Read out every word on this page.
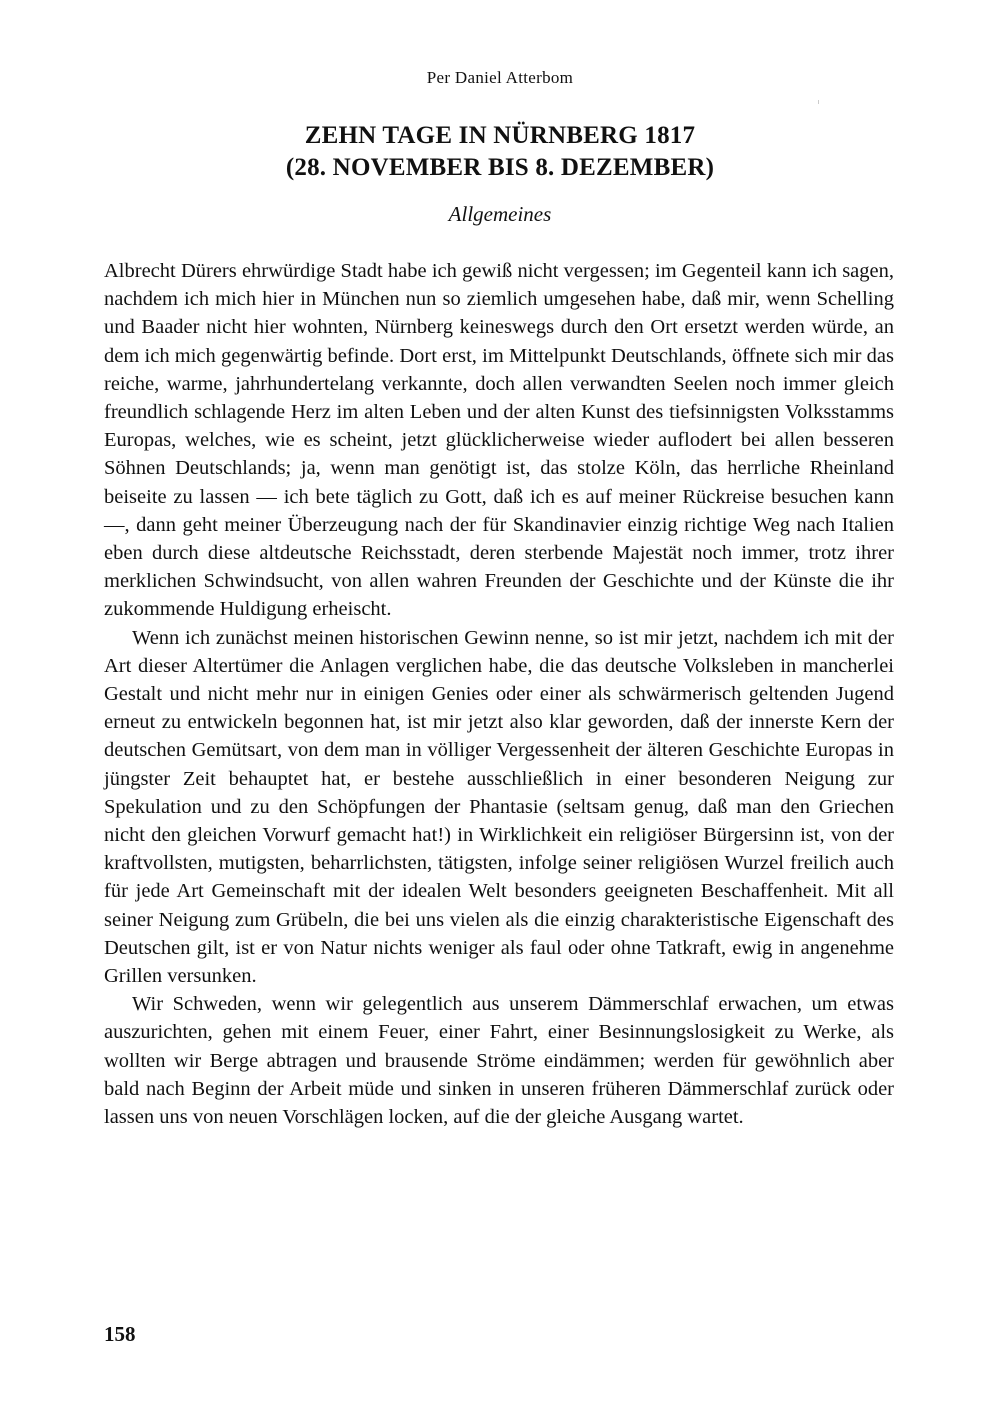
Per Daniel Atterbom
ZEHN TAGE IN NÜRNBERG 1817
(28. NOVEMBER BIS 8. DEZEMBER)
Allgemeines

Albrecht Dürers ehrwürdige Stadt habe ich gewiß nicht vergessen; im Gegenteil kann ich sagen, nachdem ich mich hier in München nun so ziemlich umgesehen habe, daß mir, wenn Schelling und Baader nicht hier wohnten, Nürnberg keineswegs durch den Ort ersetzt werden würde, an dem ich mich gegenwärtig befinde. Dort erst, im Mittelpunkt Deutschlands, öffnete sich mir das reiche, warme, jahrhundertelang verkannte, doch allen verwandten Seelen noch immer gleich freundlich schlagende Herz im alten Leben und der alten Kunst des tiefsinnigsten Volksstamms Europas, welches, wie es scheint, jetzt glücklicherweise wieder auflodert bei allen besseren Söhnen Deutschlands; ja, wenn man genötigt ist, das stolze Köln, das herrliche Rheinland beiseite zu lassen — ich bete täglich zu Gott, daß ich es auf meiner Rückreise besuchen kann —, dann geht meiner Überzeugung nach der für Skandinavier einzig richtige Weg nach Italien eben durch diese altdeutsche Reichsstadt, deren sterbende Majestät noch immer, trotz ihrer merklichen Schwindsucht, von allen wahren Freunden der Geschichte und der Künste die ihr zukommende Huldigung erheischt.

Wenn ich zunächst meinen historischen Gewinn nenne, so ist mir jetzt, nachdem ich mit der Art dieser Altertümer die Anlagen verglichen habe, die das deutsche Volksleben in mancherlei Gestalt und nicht mehr nur in einigen Genies oder einer als schwärmerisch geltenden Jugend erneut zu entwickeln begonnen hat, ist mir jetzt also klar geworden, daß der innerste Kern der deutschen Gemütsart, von dem man in völliger Vergessenheit der älteren Geschichte Europas in jüngster Zeit behauptet hat, er bestehe ausschließlich in einer besonderen Neigung zur Spekulation und zu den Schöpfungen der Phantasie (seltsam genug, daß man den Griechen nicht den gleichen Vorwurf gemacht hat!) in Wirklichkeit ein religiöser Bürgersinn ist, von der kraftvollsten, mutigsten, beharrlichsten, tätigsten, infolge seiner religiösen Wurzel freilich auch für jede Art Gemeinschaft mit der idealen Welt besonders geeigneten Beschaffenheit. Mit all seiner Neigung zum Grübeln, die bei uns vielen als die einzig charakteristische Eigenschaft des Deutschen gilt, ist er von Natur nichts weniger als faul oder ohne Tatkraft, ewig in angenehme Grillen versunken.

Wir Schweden, wenn wir gelegentlich aus unserem Dämmerschlaf erwachen, um etwas auszurichten, gehen mit einem Feuer, einer Fahrt, einer Besinnungslosigkeit zu Werke, als wollten wir Berge abtragen und brausende Ströme eindämmen; werden für gewöhnlich aber bald nach Beginn der Arbeit müde und sinken in unseren früheren Dämmerschlaf zurück oder lassen uns von neuen Vorschlägen locken, auf die der gleiche Ausgang wartet.

158
